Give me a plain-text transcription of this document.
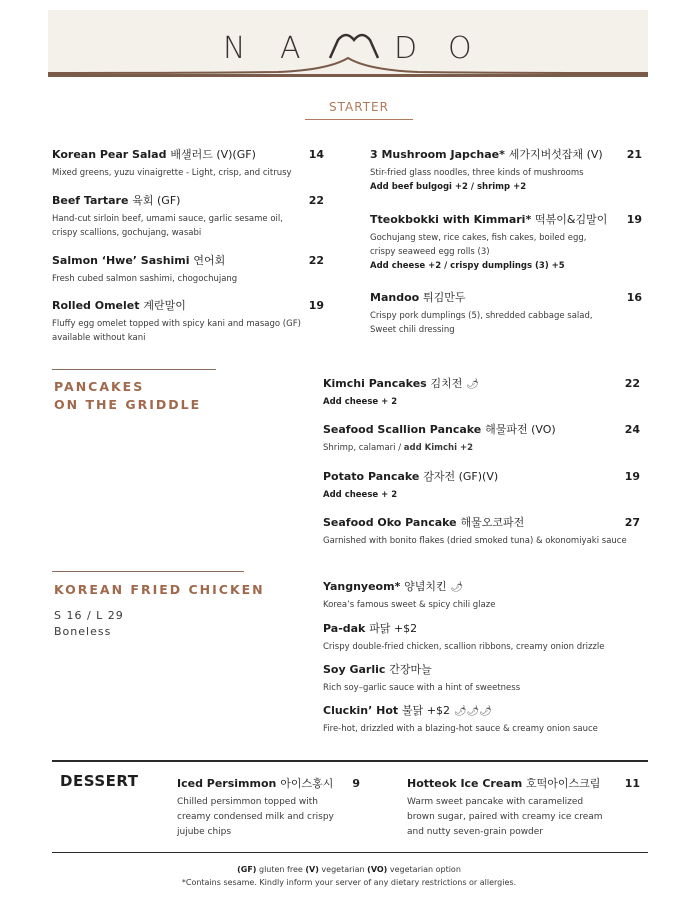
N A	D O
STARTER
Korean Pear Salad 배샐러드 (V)(GF)
Mixed greens, yuzu vinaigrette - Light, crisp, and citrusy
14
Beef Tartare 육회 (GF)
Hand-cut sirloin beef, umami sauce, garlic sesame oil, crispy scallions, gochujang, wasabi
22
Salmon ‘Hwe’ Sashimi 연어회
Fresh cubed salmon sashimi, chogochujang
22
Rolled Omelet 계란말이
Fluffy egg omelet topped with spicy kani and masago (GF) available without kani
19
3 Mushroom Japchae* 세가지버섯잡채 (V)
Stir-fried glass noodles, three kinds of mushrooms
Add beef bulgogi +2 / shrimp +2
21
Tteokbokki with Kimmari* 떡볶이&김말이
Gochujang stew, rice cakes, fish cakes, boiled egg, crispy seaweed egg rolls (3)
Add cheese +2 / crispy dumplings (3) +5
19
Mandoo 튀김만두
Crispy pork dumplings (5), shredded cabbage salad, Sweet chili dressing
16
PANCAKES
ON THE GRIDDLE
Kimchi Pancakes 김치전 🌶︎
Add cheese + 2
22
Seafood Scallion Pancake 해물파전 (VO)
Shrimp, calamari / add Kimchi +2
24
Potato Pancake 감자전 (GF)(V)
Add cheese + 2
19
Seafood Oko Pancake 해물오코파전
Garnished with bonito flakes (dried smoked tuna) & okonomiyaki sauce
27
KOREAN FRIED CHICKEN
S 16 / L 29
Boneless
Yangnyeom* 양념치킨 🌶︎
Korea’s famous sweet & spicy chili glaze
Pa-dak 파닭 +$2
Crispy double-fried chicken, scallion ribbons, creamy onion drizzle
Soy Garlic 간장마늘
Rich soy–garlic sauce with a hint of sweetness
Cluckin’ Hot 불닭 +$2 🌶︎🌶︎🌶︎
Fire-hot, drizzled with a blazing-hot sauce & creamy onion sauce
DESSERT	Iced Persimmon 아이스홍시
Chilled persimmon topped with creamy condensed milk and crispy jujube chips
9	Hotteok Ice Cream 호떡아이스크림
Warm sweet pancake with caramelized brown sugar, paired with creamy ice cream and nutty seven-grain powder
11
(GF) gluten free (V) vegetarian (VO) vegetarian option
*Contains sesame. Kindly inform your server of any dietary restrictions or allergies.
